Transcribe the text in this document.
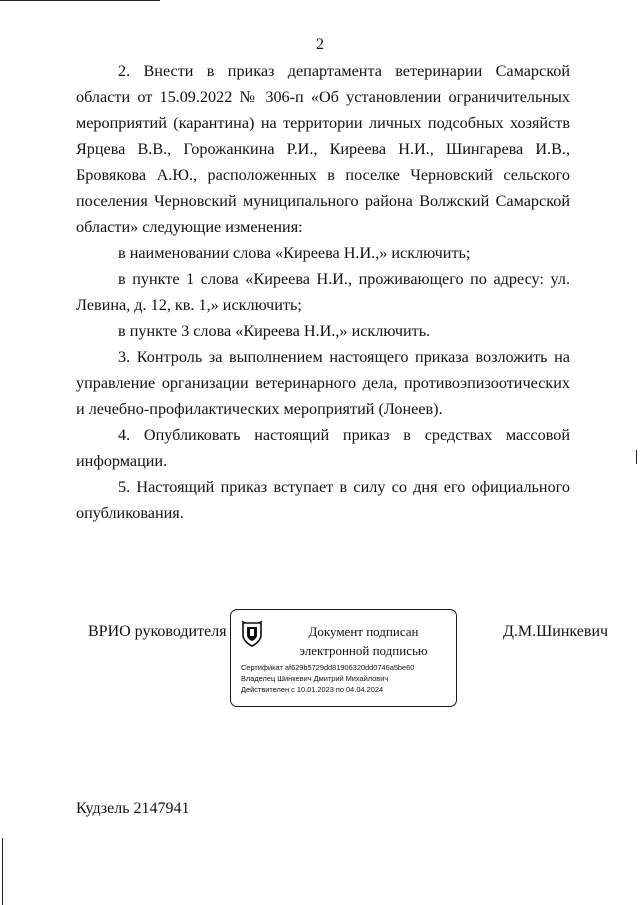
2

2. Внести в приказ департамента ветеринарии Самарской области от 15.09.2022 № 306-п «Об установлении ограничительных мероприятий (карантина) на территории личных подсобных хозяйств Ярцева В.В., Горожанкина Р.И., Киреева Н.И., Шингарева И.В., Бровякова А.Ю., расположенных в поселке Черновский сельского поселения Черновский муниципального района Волжский Самарской области» следующие изменения:

в наименовании слова «Киреева Н.И.,» исключить;

в пункте 1 слова «Киреева Н.И., проживающего по адресу: ул. Левина, д. 12, кв. 1,» исключить;

в пункте 3 слова «Киреева Н.И.,» исключить.

3. Контроль за выполнением настоящего приказа возложить на управление организации ветеринарного дела, противоэпизоотических и лечебно-профилактических мероприятий (Лонеев).

4. Опубликовать настоящий приказ в средствах массовой информации.

5. Настоящий приказ вступает в силу со дня его официального опубликования.

ВРИО руководителя	Документ подписан
электронной подписью
Сертификат af629b5729dd81906320dd0746a5be60
Владелец Шинкевич Дмитрий Михайлович
Действителен с 10.01.2023 по 04.04.2024
Д.М.Шинкевич
Кудзель 2147941
